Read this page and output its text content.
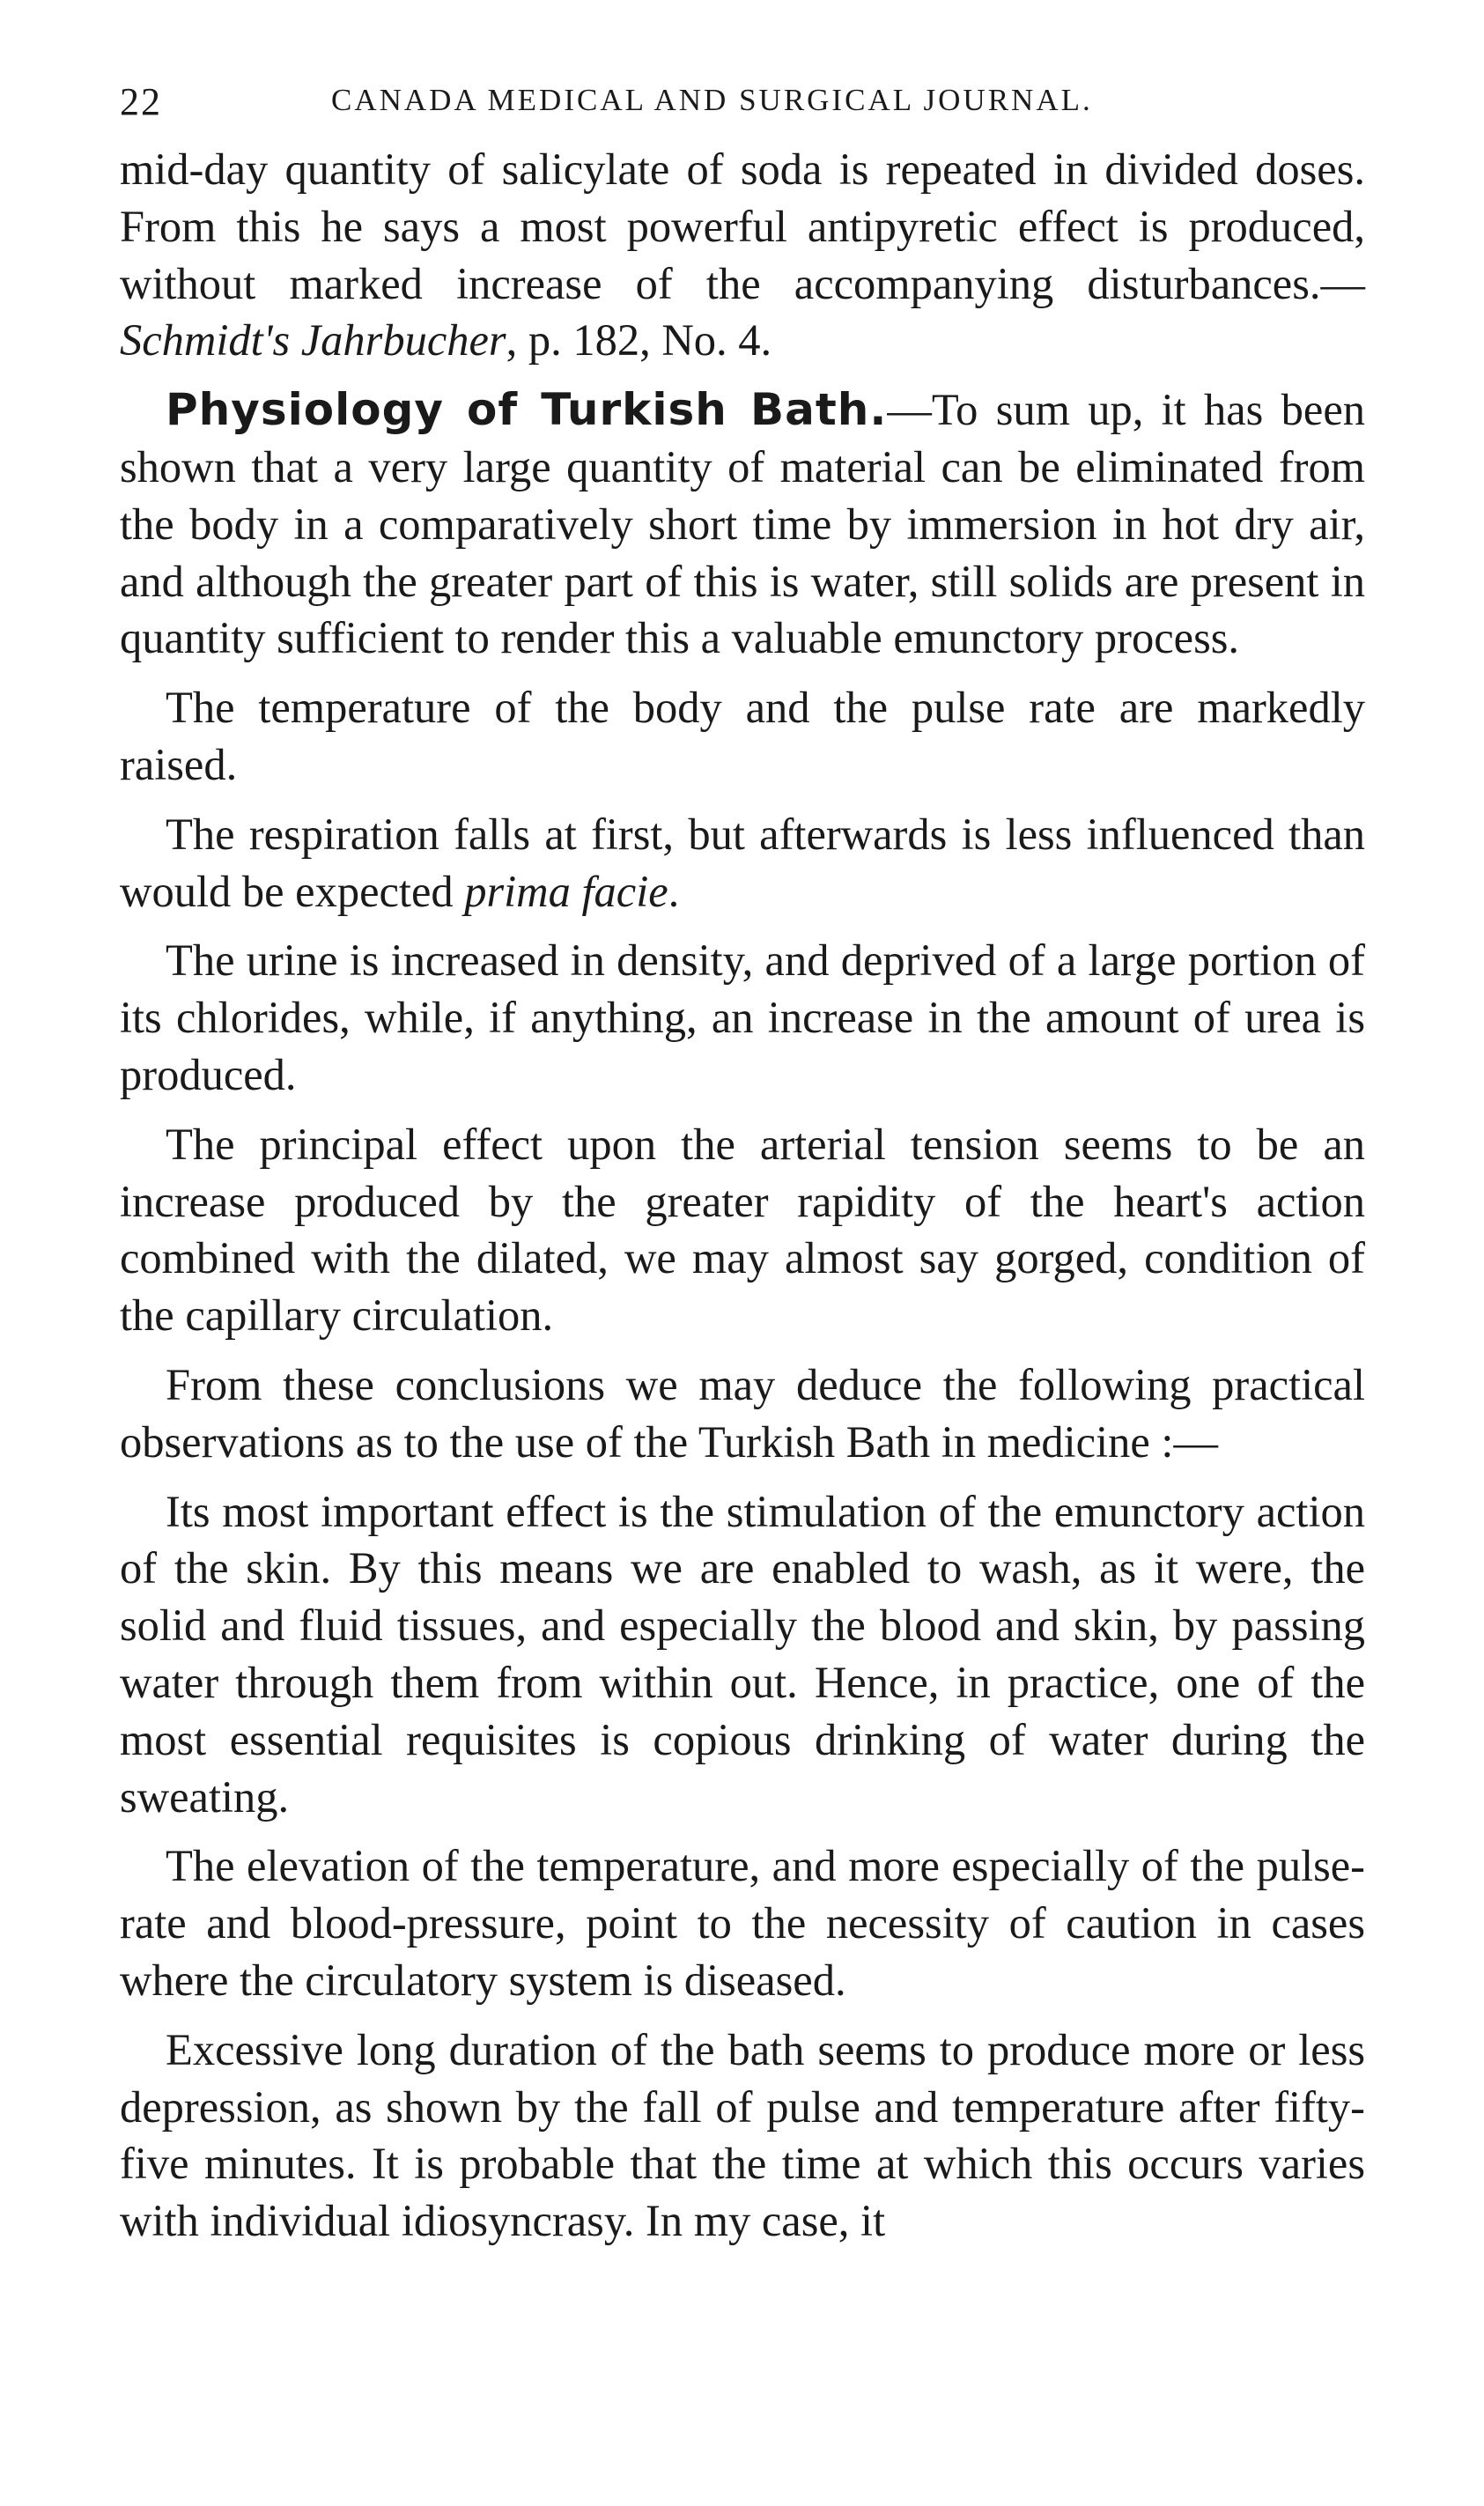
22	CANADA MEDICAL AND SURGICAL JOURNAL.

mid-day quantity of salicylate of soda is repeated in divided doses. From this he says a most powerful antipyretic effect is produced, without marked increase of the accompanying disturbances.—Schmidt's Jahrbucher, p. 182, No. 4.

Physiology of Turkish Bath.—To sum up, it has been shown that a very large quantity of material can be eliminated from the body in a comparatively short time by immersion in hot dry air, and although the greater part of this is water, still solids are present in quantity sufficient to render this a valuable emunctory process.

The temperature of the body and the pulse rate are markedly raised.

The respiration falls at first, but afterwards is less influenced than would be expected prima facie.

The urine is increased in density, and deprived of a large portion of its chlorides, while, if anything, an increase in the amount of urea is produced.

The principal effect upon the arterial tension seems to be an increase produced by the greater rapidity of the heart's action combined with the dilated, we may almost say gorged, condition of the capillary circulation.

From these conclusions we may deduce the following practical observations as to the use of the Turkish Bath in medicine :—

Its most important effect is the stimulation of the emunctory action of the skin. By this means we are enabled to wash, as it were, the solid and fluid tissues, and especially the blood and skin, by passing water through them from within out. Hence, in practice, one of the most essential requisites is copious drinking of water during the sweating.

The elevation of the temperature, and more especially of the pulse-rate and blood-pressure, point to the necessity of caution in cases where the circulatory system is diseased.

Excessive long duration of the bath seems to produce more or less depression, as shown by the fall of pulse and temperature after fifty-five minutes. It is probable that the time at which this occurs varies with individual idiosyncrasy. In my case, it
